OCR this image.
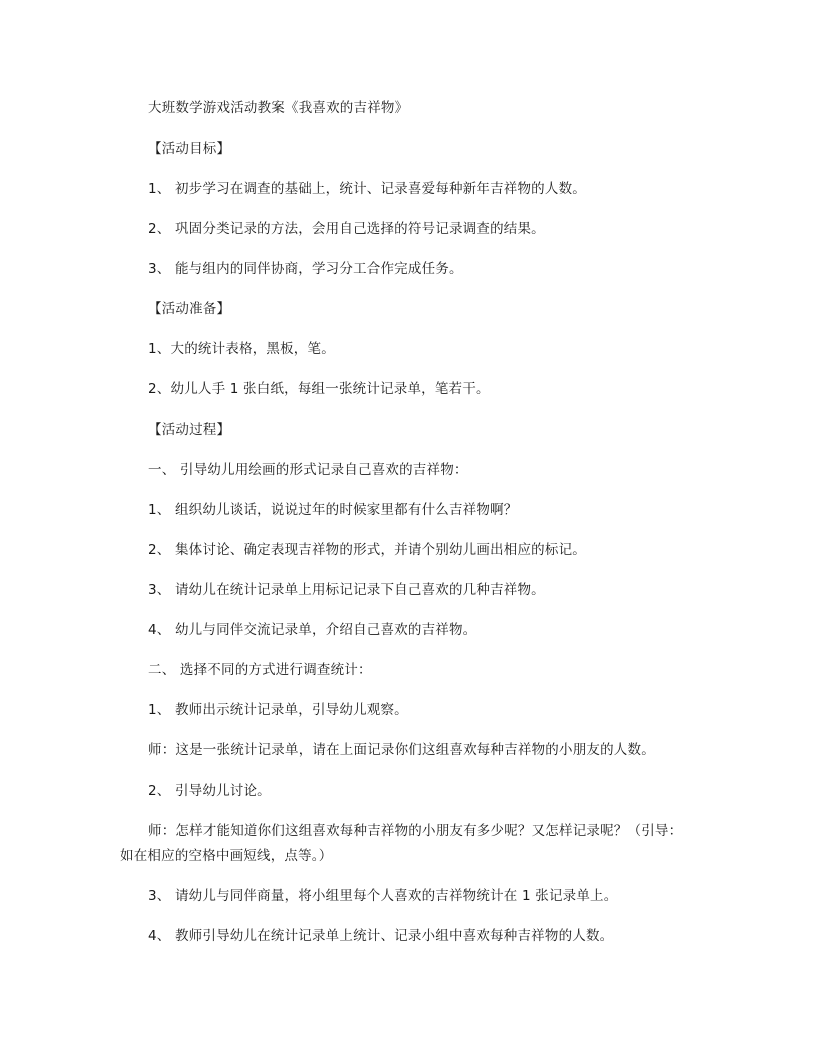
大班数学游戏活动教案《我喜欢的吉祥物》
【活动目标】
1、 初步学习在调查的基础上，统计、记录喜爱每种新年吉祥物的人数。
2、 巩固分类记录的方法，会用自己选择的符号记录调查的结果。
3、 能与组内的同伴协商，学习分工合作完成任务。
【活动准备】
1、大的统计表格，黑板，笔。
2、幼儿人手 1 张白纸，每组一张统计记录单，笔若干。
【活动过程】
一、 引导幼儿用绘画的形式记录自己喜欢的吉祥物：
1、 组织幼儿谈话，说说过年的时候家里都有什么吉祥物啊？
2、 集体讨论、确定表现吉祥物的形式，并请个别幼儿画出相应的标记。
3、 请幼儿在统计记录单上用标记记录下自己喜欢的几种吉祥物。
4、 幼儿与同伴交流记录单，介绍自己喜欢的吉祥物。
二、 选择不同的方式进行调查统计：
1、 教师出示统计记录单，引导幼儿观察。
师：这是一张统计记录单，请在上面记录你们这组喜欢每种吉祥物的小朋友的人数。
2、 引导幼儿讨论。
师：怎样才能知道你们这组喜欢每种吉祥物的小朋友有多少呢？又怎样记录呢？（引导：
如在相应的空格中画短线，点等。）
3、 请幼儿与同伴商量，将小组里每个人喜欢的吉祥物统计在 1 张记录单上。
4、 教师引导幼儿在统计记录单上统计、记录小组中喜欢每种吉祥物的人数。
